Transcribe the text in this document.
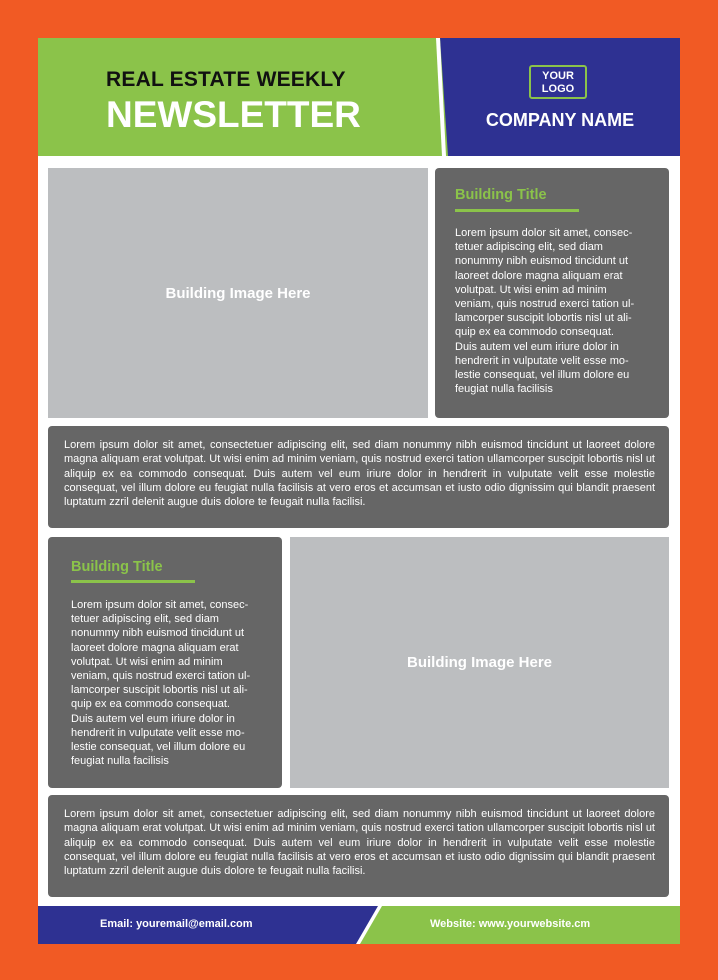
REAL ESTATE WEEKLY
NEWSLETTER
YOUR
LOGO
COMPANY NAME
Building Image Here
Building Title
Lorem ipsum dolor sit amet, consec-
tetuer adipiscing elit, sed diam
nonummy nibh euismod tincidunt ut
laoreet dolore magna aliquam erat
volutpat. Ut wisi enim ad minim
veniam, quis nostrud exerci tation ul-
lamcorper suscipit lobortis nisl ut ali-
quip ex ea commodo consequat.
Duis autem vel eum iriure dolor in
hendrerit in vulputate velit esse mo-
lestie consequat, vel illum dolore eu
feugiat nulla facilisis
Lorem ipsum dolor sit amet, consectetuer adipiscing elit, sed diam nonummy nibh euismod tincidunt ut laoreet dolore magna aliquam erat volutpat. Ut wisi enim ad minim veniam, quis nostrud exerci tation ullamcorper suscipit lobortis nisl ut aliquip ex ea commodo consequat. Duis autem vel eum iriure dolor in hendrerit in vulputate velit esse molestie consequat, vel illum dolore eu feugiat nulla facilisis at vero eros et accumsan et iusto odio dignissim qui blandit praesent luptatum zzril delenit augue duis dolore te feugait nulla facilisi.
Building Title
Lorem ipsum dolor sit amet, consec-
tetuer adipiscing elit, sed diam
nonummy nibh euismod tincidunt ut
laoreet dolore magna aliquam erat
volutpat. Ut wisi enim ad minim
veniam, quis nostrud exerci tation ul-
lamcorper suscipit lobortis nisl ut ali-
quip ex ea commodo consequat.
Duis autem vel eum iriure dolor in
hendrerit in vulputate velit esse mo-
lestie consequat, vel illum dolore eu
feugiat nulla facilisis
Building Image Here
Lorem ipsum dolor sit amet, consectetuer adipiscing elit, sed diam nonummy nibh euismod tincidunt ut laoreet dolore magna aliquam erat volutpat. Ut wisi enim ad minim veniam, quis nostrud exerci tation ullamcorper suscipit lobortis nisl ut aliquip ex ea commodo consequat. Duis autem vel eum iriure dolor in hendrerit in vulputate velit esse molestie consequat, vel illum dolore eu feugiat nulla facilisis at vero eros et accumsan et iusto odio dignissim qui blandit praesent luptatum zzril delenit augue duis dolore te feugait nulla facilisi.
Email: youremail@email.com	Website: www.yourwebsite.cm
